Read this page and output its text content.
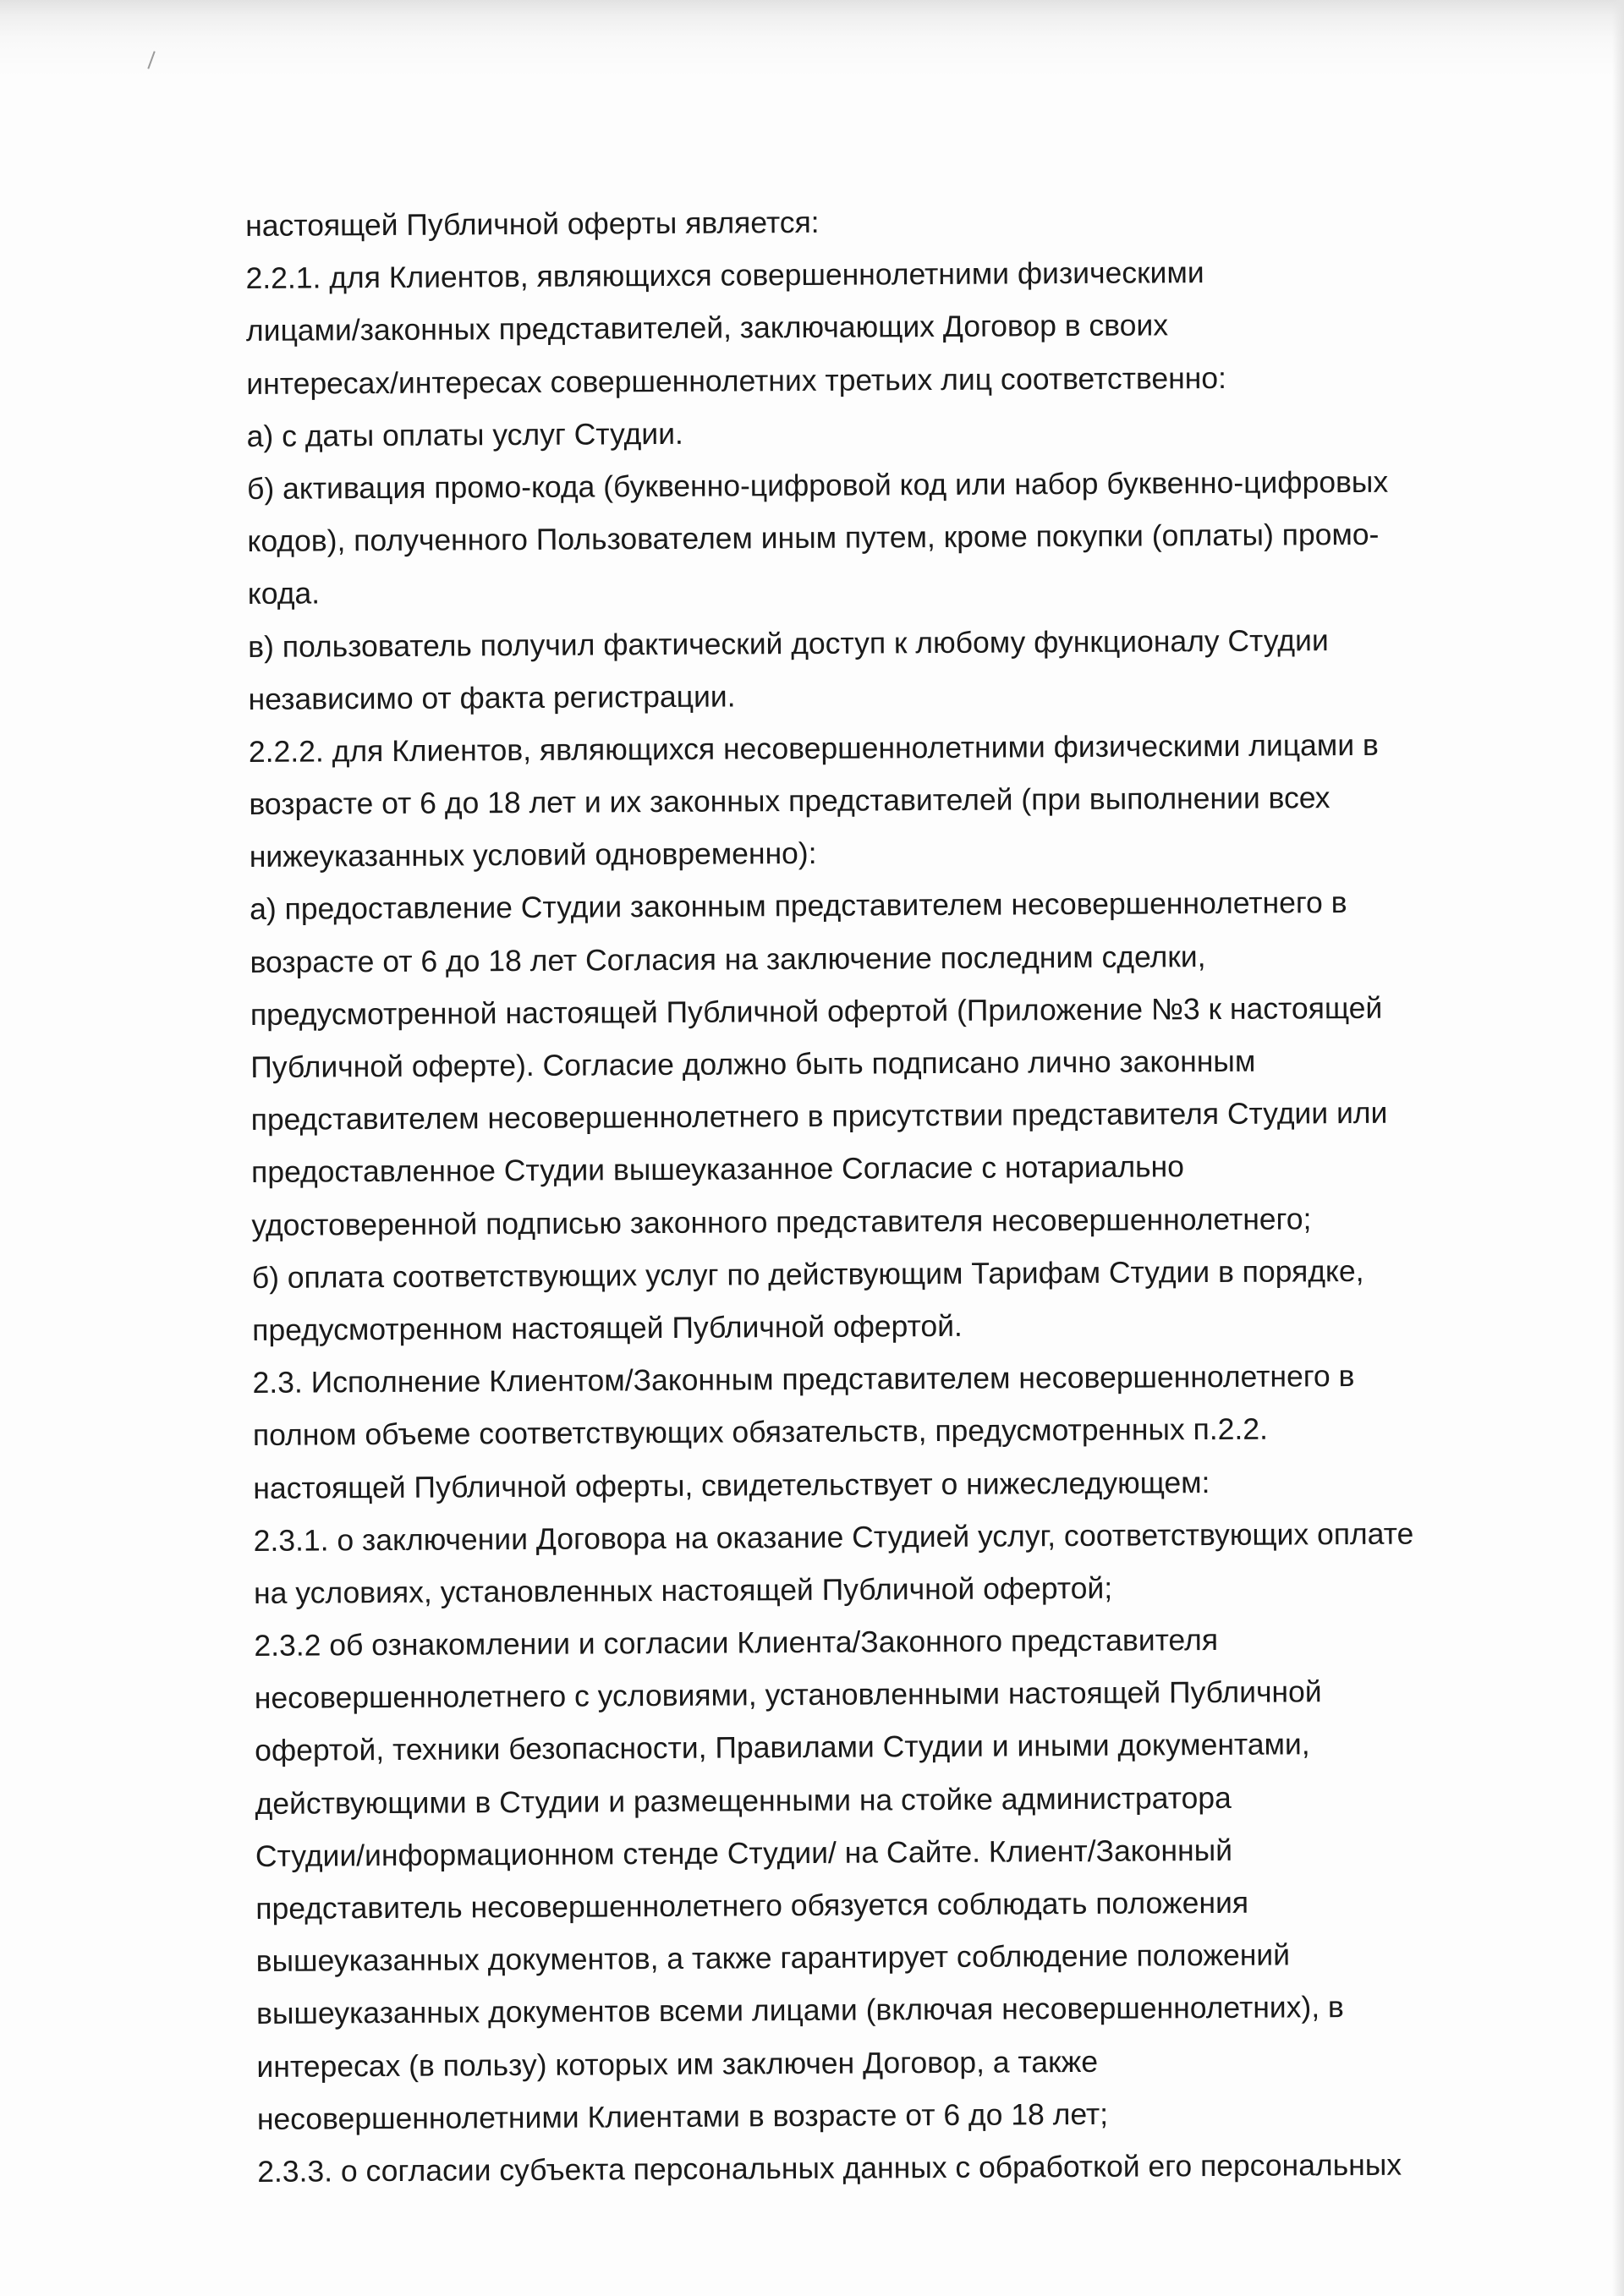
настоящей Публичной оферты является:
2.2.1. для Клиентов, являющихся совершеннолетними физическими
лицами/законных представителей, заключающих Договор в своих
интересах/интересах совершеннолетних третьих лиц соответственно:
а) с даты оплаты услуг Студии.
б) активация промо-кода (буквенно-цифровой код или набор буквенно-цифровых
кодов), полученного Пользователем иным путем, кроме покупки (оплаты) промо-
кода.
в) пользователь получил фактический доступ к любому функционалу Студии
независимо от факта регистрации.
2.2.2. для Клиентов, являющихся несовершеннолетними физическими лицами в
возрасте от 6 до 18 лет и их законных представителей (при выполнении всех
нижеуказанных условий одновременно):
а) предоставление Студии законным представителем несовершеннолетнего в
возрасте от 6 до 18 лет Согласия на заключение последним сделки,
предусмотренной настоящей Публичной офертой (Приложение №3 к настоящей
Публичной оферте). Согласие должно быть подписано лично законным
представителем несовершеннолетнего в присутствии представителя Студии или
предоставленное Студии вышеуказанное Согласие с нотариально
удостоверенной подписью законного представителя несовершеннолетнего;
б) оплата соответствующих услуг по действующим Тарифам Студии в порядке,
предусмотренном настоящей Публичной офертой.
2.3. Исполнение Клиентом/Законным представителем несовершеннолетнего в
полном объеме соответствующих обязательств, предусмотренных п.2.2.
настоящей Публичной оферты, свидетельствует о нижеследующем:
2.3.1. о заключении Договора на оказание Студией услуг, соответствующих оплате
на условиях, установленных настоящей Публичной офертой;
2.3.2 об ознакомлении и согласии Клиента/Законного представителя
несовершеннолетнего с условиями, установленными настоящей Публичной
офертой, техники безопасности, Правилами Студии и иными документами,
действующими в Студии и размещенными на стойке администратора
Студии/информационном стенде Студии/ на Сайте. Клиент/Законный
представитель несовершеннолетнего обязуется соблюдать положения
вышеуказанных документов, а также гарантирует соблюдение положений
вышеуказанных документов всеми лицами (включая несовершеннолетних), в
интересах (в пользу) которых им заключен Договор, а также
несовершеннолетними Клиентами в возрасте от 6 до 18 лет;
2.3.3. о согласии субъекта персональных данных с обработкой его персональных
